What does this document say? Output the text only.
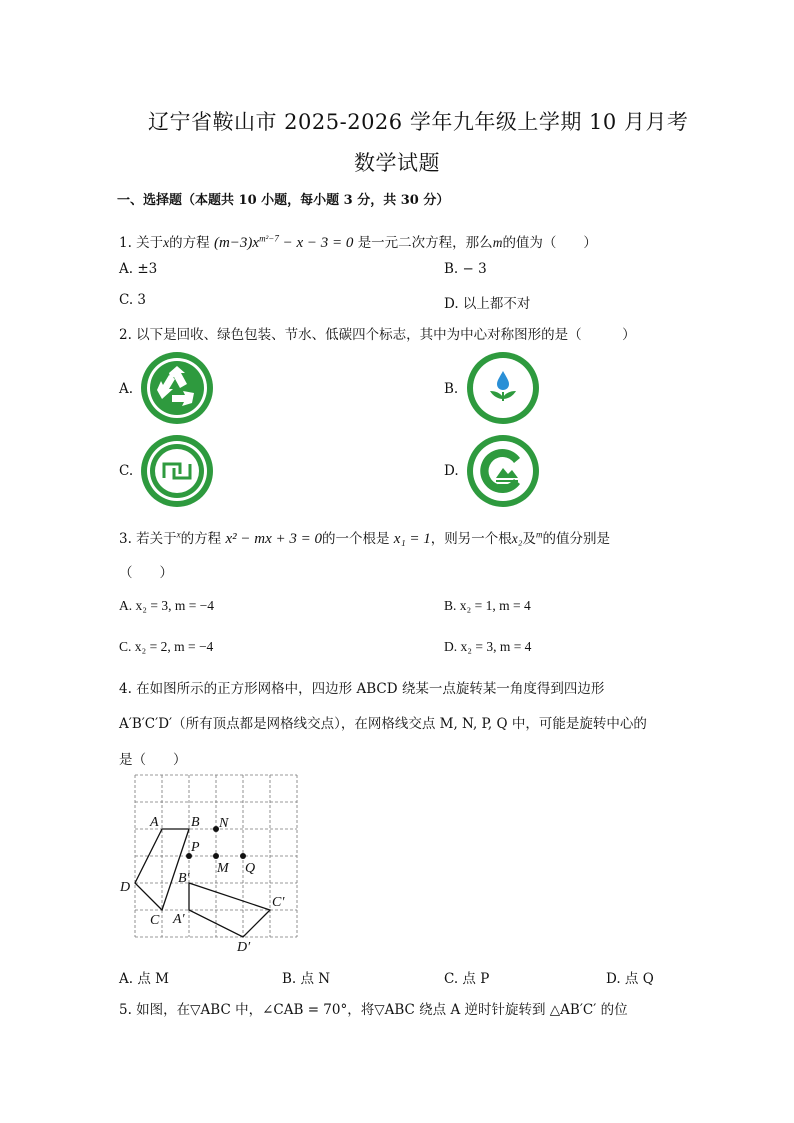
辽宁省鞍山市 2025-2026 学年九年级上学期 10 月月考
数学试题
一、选择题（本题共 10 小题，每小题 3 分，共 30 分）
1. 关于x的方程 $(m-3)x^{m^2-7} - x - 3 = 0$ 是一元二次方程，那么m的值为（　　）
A. ±3	B. − 3
C. 3	D. 以上都不对
2. 以下是回收、绿色包装、节水、低碳四个标志，其中为中心对称图形的是（　　　）
A.	B.
C.	D.
3. 若关于$^x$的方程 x² − mx + 3 = 0的一个根是 x₁ = 1，则另一个根x₂及$^m$的值分别是
（　　）
A. x₂ = 3, m = −4	B. x₂ = 1, m = 4
C. x₂ = 2, m = −4	D. x₂ = 3, m = 4
4. 在如图所示的正方形网格中，四边形 ABCD 绕某一点旋转某一角度得到四边形
A′B′C′D′（所有顶点都是网格线交点），在网格线交点 M, N, P, Q 中，可能是旋转中心的
是（　　）
A B
D
C
N
P
M Q
B′
A′
C′
D′
A. 点 M	B. 点 N	C. 点 P	D. 点 Q
5. 如图，在▽ABC 中，∠CAB = 70°，将▽ABC 绕点 A 逆时针旋转到 △AB′C′ 的位
